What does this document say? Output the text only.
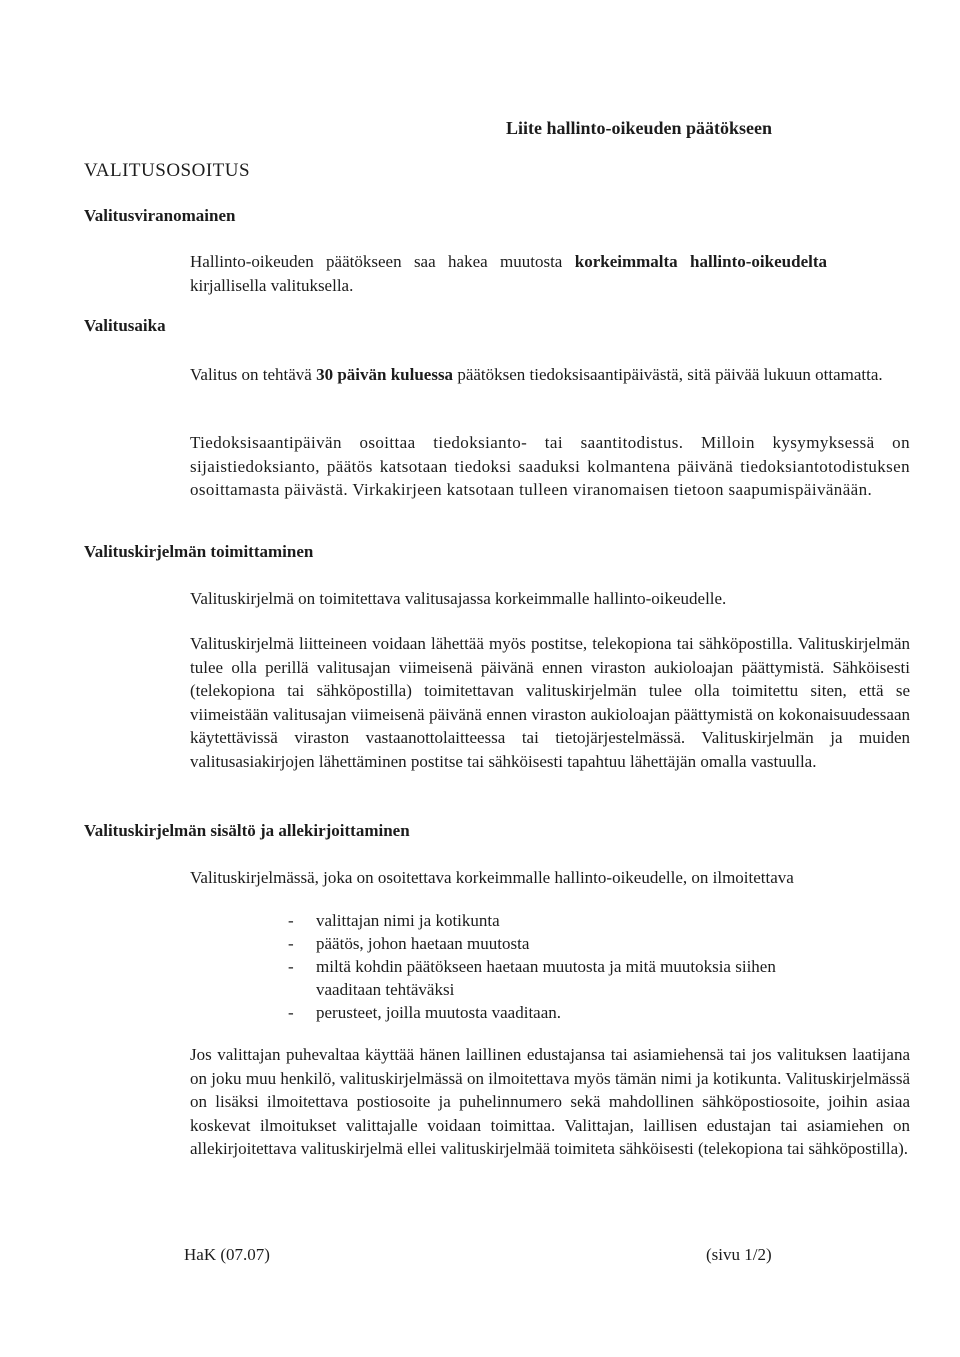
Liite hallinto-oikeuden päätökseen
VALITUSOSOITUS
Valitusviranomainen

Hallinto-oikeuden päätökseen saa hakea muutosta korkeimmalta hallinto-oikeudelta kirjallisella valituksella.

Valitusaika

Valitus on tehtävä 30 päivän kuluessa päätöksen tiedoksisaantipäivästä, sitä päivää lukuun ottamatta.

Tiedoksisaantipäivän osoittaa tiedoksianto- tai saantitodistus. Milloin kysymyksessä on sijaistiedoksianto, päätös katsotaan tiedoksi saaduksi kolmantena päivänä tiedoksiantotodistuksen osoittamasta päivästä. Virkakirjeen katsotaan tulleen viranomaisen tietoon saapumispäivänään.

Valituskirjelmän toimittaminen

Valituskirjelmä on toimitettava valitusajassa korkeimmalle hallinto-oikeudelle.

Valituskirjelmä liitteineen voidaan lähettää myös postitse, telekopiona tai sähköpostilla. Valituskirjelmän tulee olla perillä valitusajan viimeisenä päivänä ennen viraston aukioloajan päättymistä. Sähköisesti (telekopiona tai sähköpostilla) toimitettavan valituskirjelmän tulee olla toimitettu siten, että se viimeistään valitusajan viimeisenä päivänä ennen viraston aukioloajan päättymistä on kokonaisuudessaan käytettävissä viraston vastaanottolaitteessa tai tietojärjestelmässä. Valituskirjelmän ja muiden valitusasiakirjojen lähettäminen postitse tai sähköisesti tapahtuu lähettäjän omalla vastuulla.

Valituskirjelmän sisältö ja allekirjoittaminen

Valituskirjelmässä, joka on osoitettava korkeimmalle hallinto-oikeudelle, on ilmoitettava

- valittajan nimi ja kotikunta
- päätös, johon haetaan muutosta
- miltä kohdin päätökseen haetaan muutosta ja mitä muutoksia siihen vaaditaan tehtäväksi
- perusteet, joilla muutosta vaaditaan.

Jos valittajan puhevaltaa käyttää hänen laillinen edustajansa tai asiamiehensä tai jos valituksen laatijana on joku muu henkilö, valituskirjelmässä on ilmoitettava myös tämän nimi ja kotikunta. Valituskirjelmässä on lisäksi ilmoitettava postiosoite ja puhelinnumero sekä mahdollinen sähköpostiosoite, joihin asiaa koskevat ilmoitukset valittajalle voidaan toimittaa. Valittajan, laillisen edustajan tai asiamiehen on allekirjoitettava valituskirjelmä ellei valituskirjelmää toimiteta sähköisesti (telekopiona tai sähköpostilla).

HaK (07.07)	(sivu 1/2)
